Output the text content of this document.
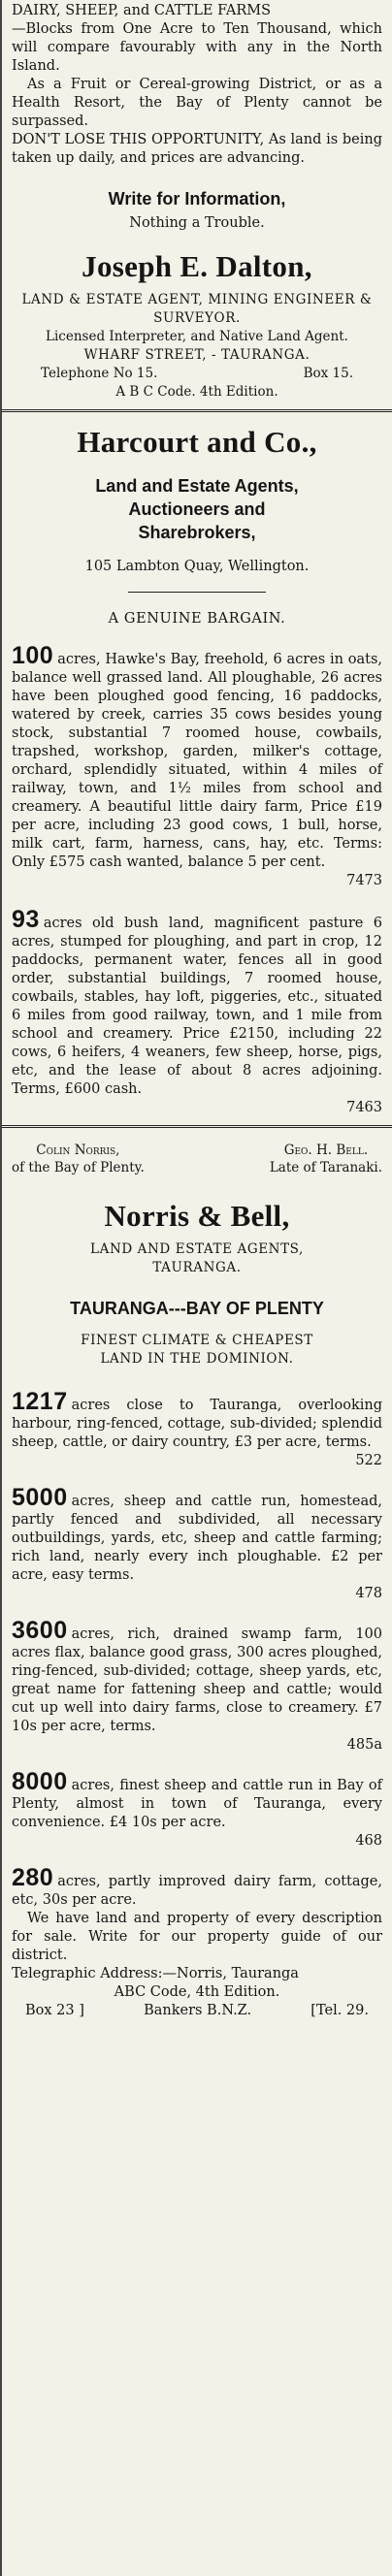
DAIRY, SHEEP, and CATTLE FARMS

—Blocks from One Acre to Ten Thousand, which will compare favourably with any in the North Island.

As a Fruit or Cereal-growing District, or as a Health Resort, the Bay of Plenty cannot be surpassed.

DON'T LOSE THIS OPPORTUNITY, As land is being taken up daily, and prices are advancing.

Write for Information,

Nothing a Trouble.

Joseph E. Dalton,

LAND & ESTATE AGENT, MINING ENGINEER & SURVEYOR.

Licensed Interpreter, and Native Land Agent.

WHARF STREET, - TAURANGA.

Telephone No 15.	Box 15.

A B C Code. 4th Edition.

Harcourt and Co.,

Land and Estate Agents,

Auctioneers and

Sharebrokers,

105 Lambton Quay, Wellington.

A GENUINE BARGAIN.

100 acres, Hawke's Bay, freehold, 6 acres in oats, balance well grassed land. All ploughable, 26 acres have been ploughed good fencing, 16 paddocks, watered by creek, carries 35 cows besides young stock, substantial 7 roomed house, cowbails, trapshed, workshop, garden, milker's cottage, orchard, splendidly situated, within 4 miles of railway, town, and 1½ miles from school and creamery. A beautiful little dairy farm, Price £19 per acre, including 23 good cows, 1 bull, horse, milk cart, farm, harness, cans, hay, etc. Terms: Only £575 cash wanted, balance 5 per cent.

7473

93 acres old bush land, magnificent pasture 6 acres, stumped for ploughing, and part in crop, 12 paddocks, permanent water, fences all in good order, substantial buildings, 7 roomed house, cowbails, stables, hay loft, piggeries, etc., situated 6 miles from good railway, town, and 1 mile from school and creamery. Price £2150, including 22 cows, 6 heifers, 4 weaners, few sheep, horse, pigs, etc, and the lease of about 8 acres adjoining. Terms, £600 cash.

7463

Colin Norris,

of the Bay of Plenty.

Geo. H. Bell.

Late of Taranaki.

Norris & Bell,

LAND AND ESTATE AGENTS,

TAURANGA.

TAURANGA---BAY OF PLENTY

FINEST CLIMATE & CHEAPEST

LAND IN THE DOMINION.

1217 acres close to Tauranga, overlooking harbour, ring-fenced, cottage, sub-divided; splendid sheep, cattle, or dairy country, £3 per acre, terms.

522

5000 acres, sheep and cattle run, homestead, partly fenced and subdivided, all necessary outbuildings, yards, etc, sheep and cattle farming; rich land, nearly every inch ploughable. £2 per acre, easy terms.

478

3600 acres, rich, drained swamp farm, 100 acres flax, balance good grass, 300 acres ploughed, ring-fenced, sub-divided; cottage, sheep yards, etc, great name for fattening sheep and cattle; would cut up well into dairy farms, close to creamery. £7 10s per acre, terms.

485a

8000 acres, finest sheep and cattle run in Bay of Plenty, almost in town of Tauranga, every convenience. £4 10s per acre.

468

280 acres, partly improved dairy farm, cottage, etc, 30s per acre.

We have land and property of every description for sale. Write for our property guide of our district.

Telegraphic Address:—Norris, Tauranga

ABC Code, 4th Edition.

Box 23 ]	Bankers B.N.Z.	[Tel. 29.
